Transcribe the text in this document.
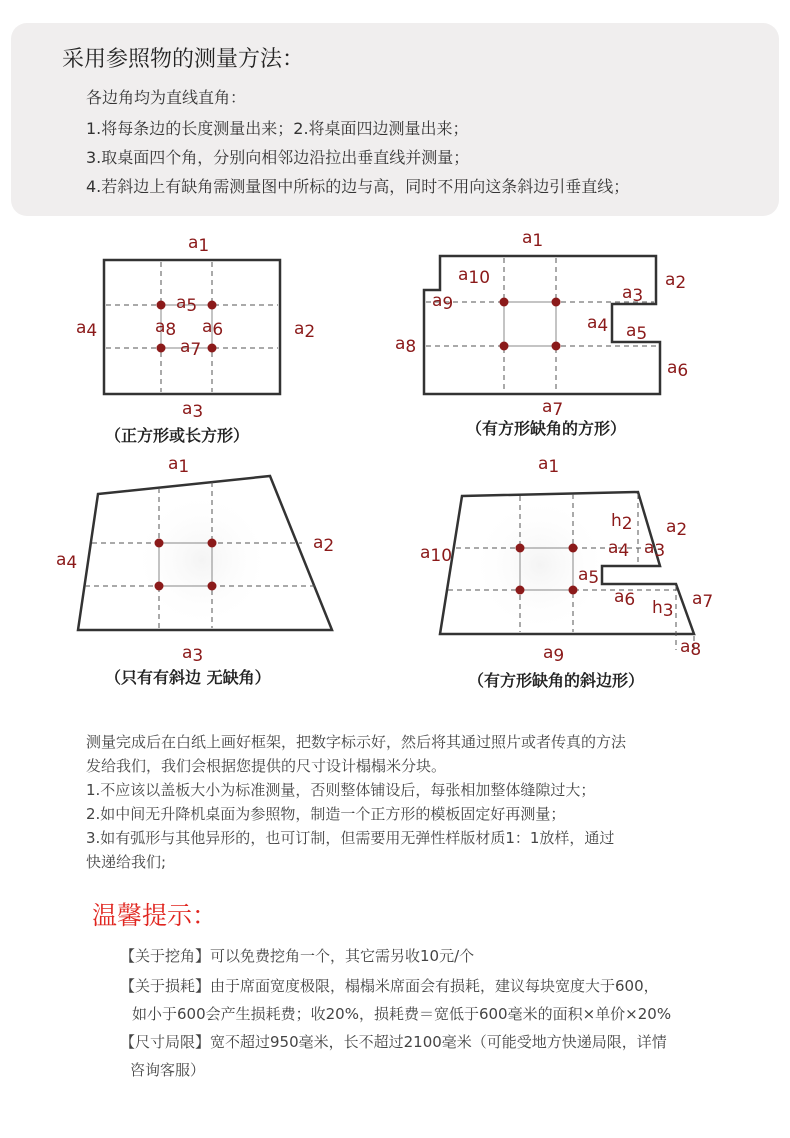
采用参照物的测量方法：
各边角均为直线直角：
1.将每条边的长度测量出来；2.将桌面四边测量出来；
3.取桌面四个角，分别向相邻边沿拉出垂直线并测量；
4.若斜边上有缺角需测量图中所标的边与高，同时不用向这条斜边引垂直线；
a1
a2
a3
a4
a5
a6
a7
a8
a1
a2
a3
a4 a5
a6
a7
a8
a9
a10
a1
a2
a3
a4
a1
a2
a3
a4
a5
a6	a7
a8
a9
a10
h2
h3
（正方形或长方形）	（有方形缺角的方形）
（只有有斜边 无缺角）	（有方形缺角的斜边形）
测量完成后在白纸上画好框架，把数字标示好，然后将其通过照片或者传真的方法
发给我们，我们会根据您提供的尺寸设计榻榻米分块。
1.不应该以盖板大小为标准测量，否则整体铺设后，每张相加整体缝隙过大；
2.如中间无升降机桌面为参照物，制造一个正方形的模板固定好再测量；
3.如有弧形与其他异形的，也可订制，但需要用无弹性样版材质1：1放样，通过
快递给我们;
温馨提示：
【关于挖角】可以免费挖角一个，其它需另收10元/个
【关于损耗】由于席面宽度极限，榻榻米席面会有损耗，建议每块宽度大于600，
如小于600会产生损耗费；收20%，损耗费＝宽低于600毫米的面积×单价×20%
【尺寸局限】宽不超过950毫米，长不超过2100毫米（可能受地方快递局限，详情
咨询客服）
